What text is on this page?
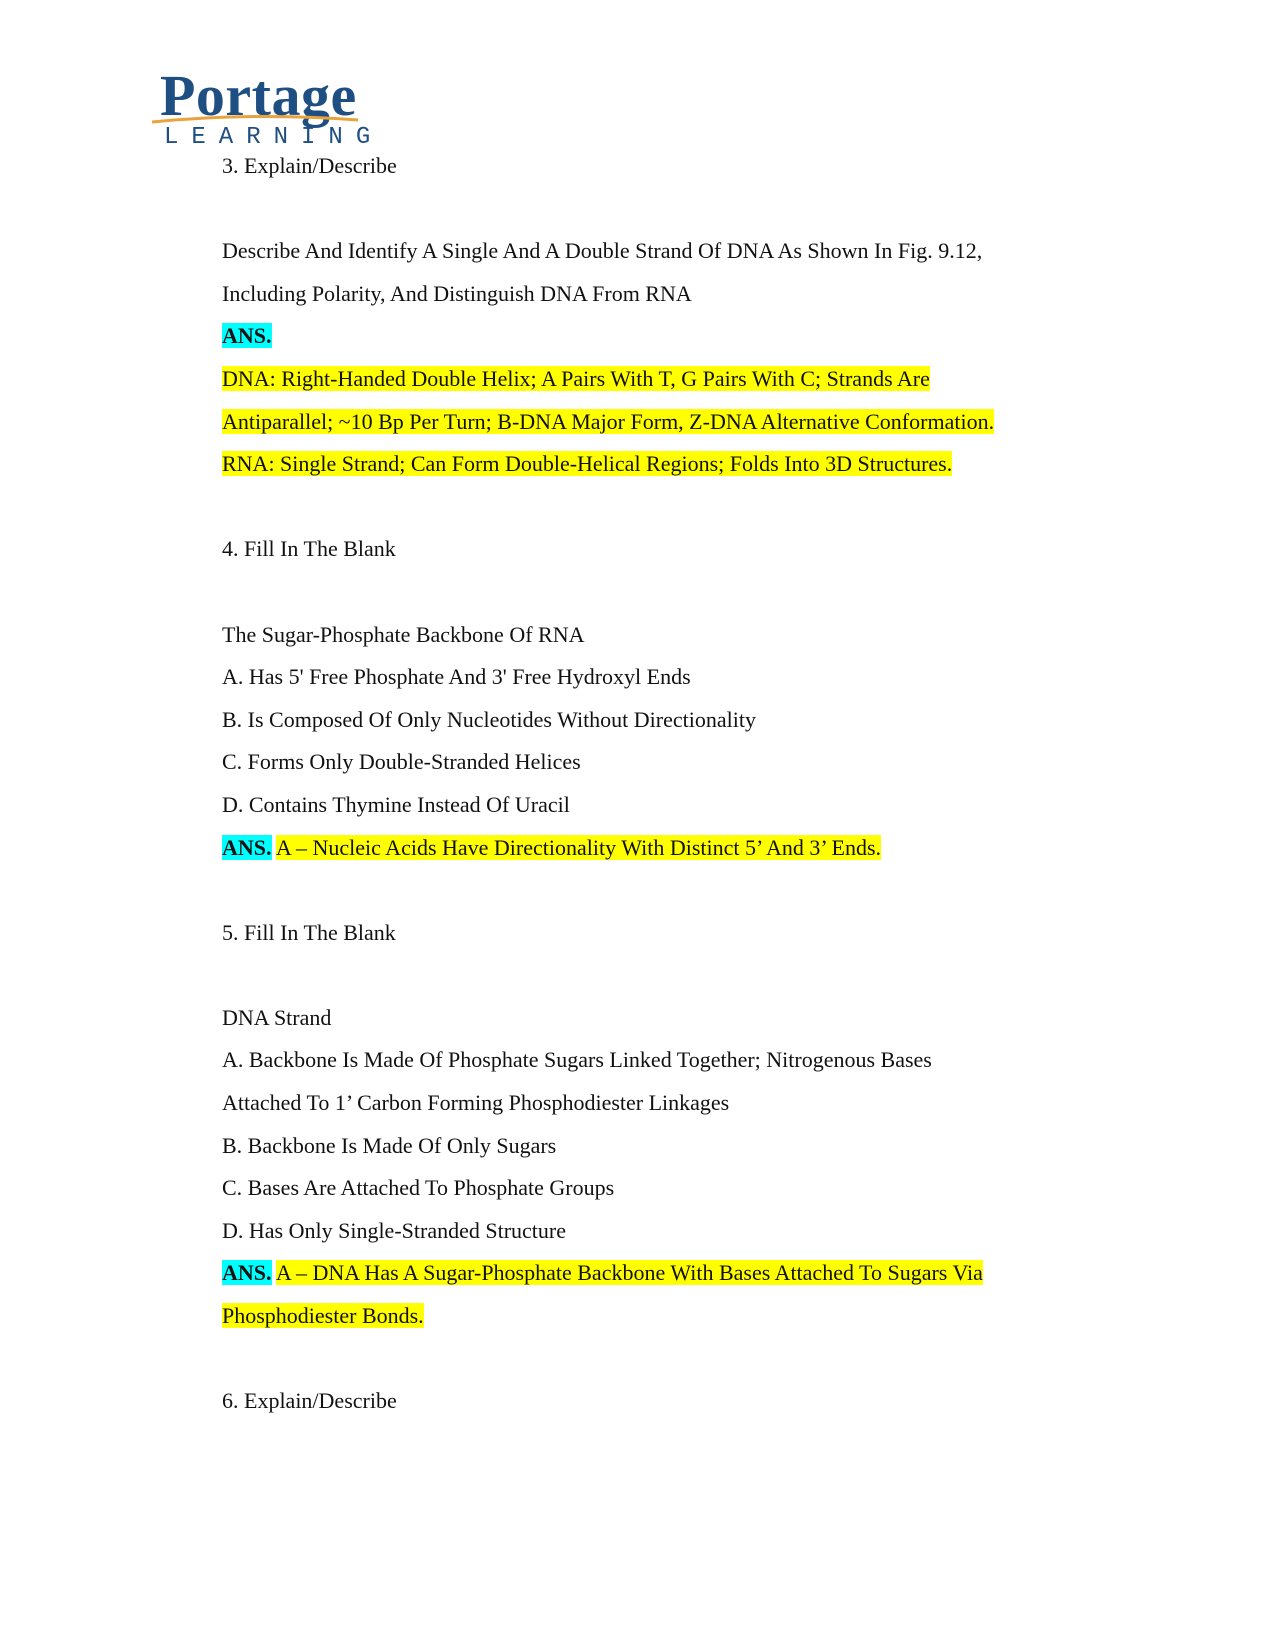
Portage
LEARNING
3. Explain/Describe
Describe And Identify A Single And A Double Strand Of DNA As Shown In Fig. 9.12,
Including Polarity, And Distinguish DNA From RNA
ANS.
DNA: Right-Handed Double Helix; A Pairs With T, G Pairs With C; Strands Are
Antiparallel; ~10 Bp Per Turn; B-DNA Major Form, Z-DNA Alternative Conformation.
RNA: Single Strand; Can Form Double-Helical Regions; Folds Into 3D Structures.
4. Fill In The Blank
The Sugar-Phosphate Backbone Of RNA
A. Has 5' Free Phosphate And 3' Free Hydroxyl Ends
B. Is Composed Of Only Nucleotides Without Directionality
C. Forms Only Double-Stranded Helices
D. Contains Thymine Instead Of Uracil
ANS. A – Nucleic Acids Have Directionality With Distinct 5’ And 3’ Ends.
5. Fill In The Blank
DNA Strand
A. Backbone Is Made Of Phosphate Sugars Linked Together; Nitrogenous Bases
Attached To 1’ Carbon Forming Phosphodiester Linkages
B. Backbone Is Made Of Only Sugars
C. Bases Are Attached To Phosphate Groups
D. Has Only Single-Stranded Structure
ANS. A – DNA Has A Sugar-Phosphate Backbone With Bases Attached To Sugars Via
Phosphodiester Bonds.
6. Explain/Describe
